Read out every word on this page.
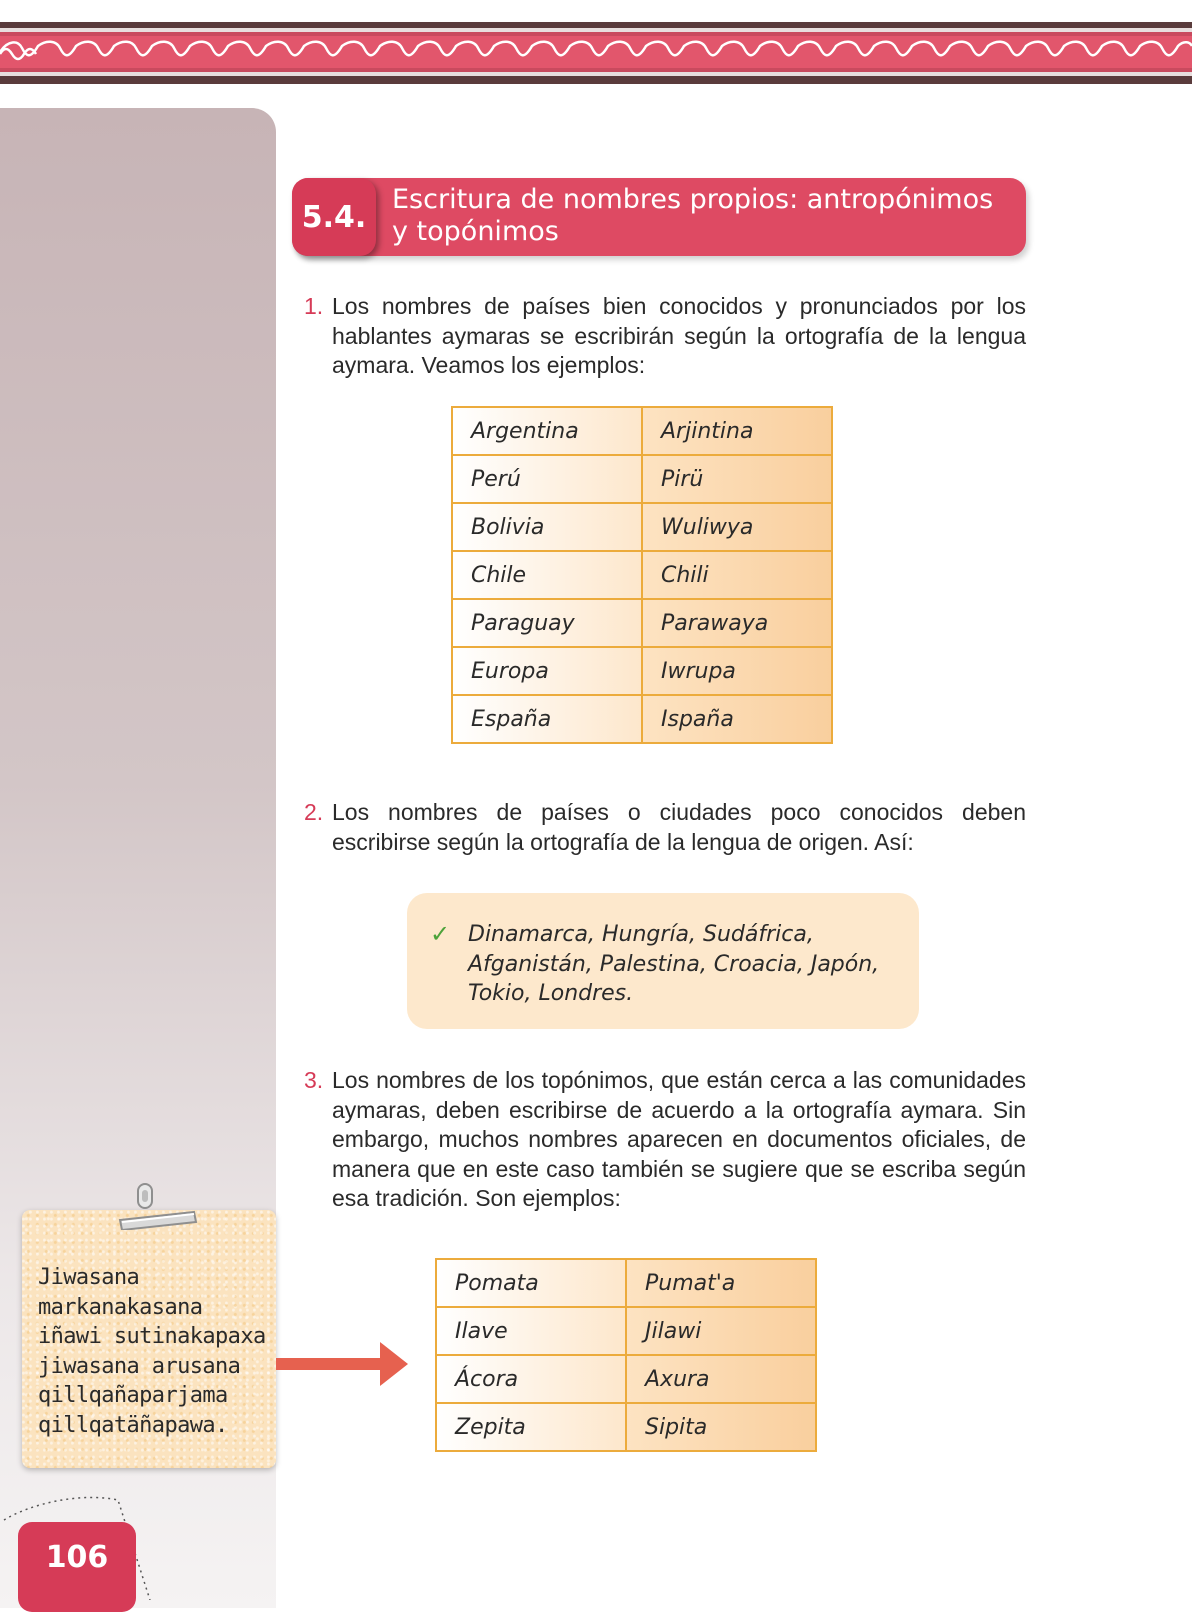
5.4. Escritura de nombres propios: antropónimos y topónimos
1. Los nombres de países bien conocidos y pronunciados por los hablantes aymaras se escribirán según la ortografía de la lengua aymara. Veamos los ejemplos:
Argentina	Arjintina
Perú	Pirü
Bolivia	Wuliwya
Chile	Chili
Paraguay	Parawaya
Europa	Iwrupa
España	Ispaña
2. Los nombres de países o ciudades poco conocidos deben escribirse según la ortografía de la lengua de origen. Así:
✓ Dinamarca, Hungría, Sudáfrica, Afganistán, Palestina, Croacia, Japón, Tokio, Londres.
3. Los nombres de los topónimos, que están cerca a las comunidades aymaras, deben escribirse de acuerdo a la ortografía aymara. Sin embargo, muchos nombres aparecen en documentos oficiales, de manera que en este caso también se sugiere que se escriba según esa tradición. Son ejemplos:
Pomata	Pumat'a
Ilave	Jilawi
Ácora	Axura
Zepita	Sipita
Jiwasana
markanakasana
iñawi sutinakapaxa
jiwasana arusana
qillqañaparjama
qillqatäñapawa.
106
